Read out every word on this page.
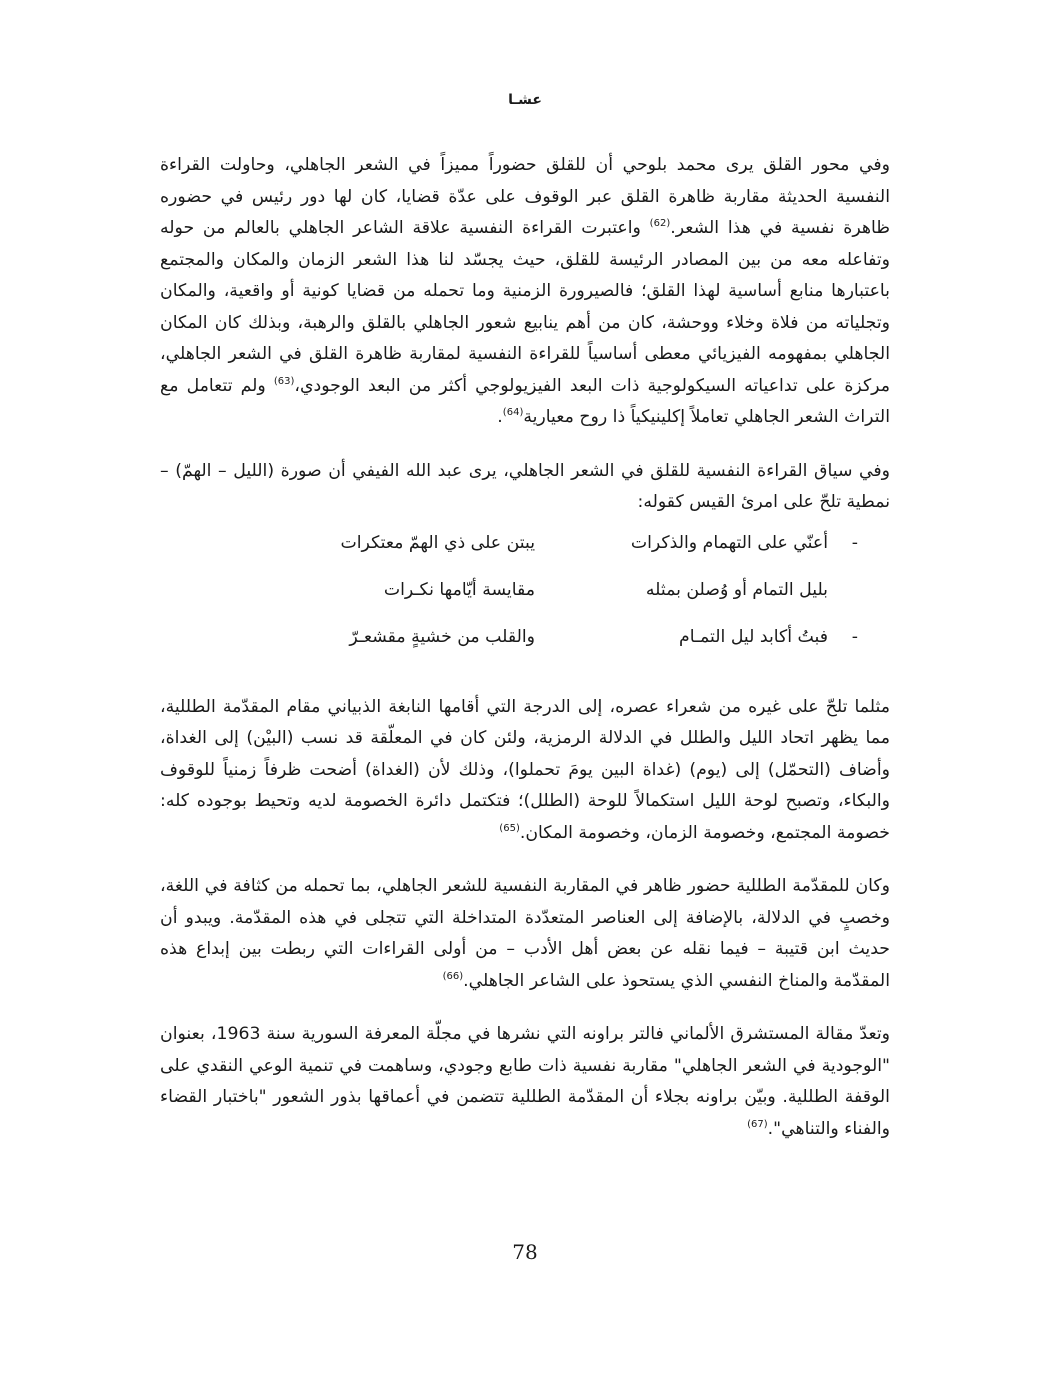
عشـا

وفي محور القلق يرى محمد بلوحي أن للقلق حضوراً مميزاً في الشعر الجاهلي، وحاولت القراءة النفسية الحديثة مقاربة ظاهرة القلق عبر الوقوف على عدّة قضايا، كان لها دور رئيس في حضوره ظاهرة نفسية في هذا الشعر.$^{(62)}$ واعتبرت القراءة النفسية علاقة الشاعر الجاهلي بالعالم من حوله وتفاعله معه من بين المصادر الرئيسة للقلق، حيث يجسّد لنا هذا الشعر الزمان والمكان والمجتمع باعتبارها منابع أساسية لهذا القلق؛ فالصيرورة الزمنية وما تحمله من قضايا كونية أو واقعية، والمكان وتجلياته من فلاة وخلاء ووحشة، كان من أهم ينابيع شعور الجاهلي بالقلق والرهبة، وبذلك كان المكان الجاهلي بمفهومه الفيزيائي معطى أساسياً للقراءة النفسية لمقاربة ظاهرة القلق في الشعر الجاهلي، مركزة على تداعياته السيكولوجية ذات البعد الفيزيولوجي أكثر من البعد الوجودي،$^{(63)}$ ولم تتعامل مع التراث الشعر الجاهلي تعاملاً إكلينيكياً ذا روح معيارية$^{(64)}$.

وفي سياق القراءة النفسية للقلق في الشعر الجاهلي، يرى عبد الله الفيفي أن صورة (الليل – الهمّ) – نمطية تلحّ على امرئ القيس كقوله:

-
أعنّي على التهمام والذكرات
يبتن على ذي الهمّ معتكرات
بليل التمام أو وُصلن بمثله
مقايسة أيّامها نكـرات
-
فبتُ أكابد ليل التمـام
والقلب من خشيةٍ مقشعـرّ

مثلما تلحّ على غيره من شعراء عصره، إلى الدرجة التي أقامها النابغة الذبياني مقام المقدّمة الطللية، مما يظهر اتحاد الليل والطلل في الدلالة الرمزية، ولئن كان في المعلّقة قد نسب (البيْن) إلى الغداة، وأضاف (التحمّل) إلى (يوم) (غداة البين يومَ تحملوا)، وذلك لأن (الغداة) أضحت ظرفاً زمنياً للوقوف والبكاء، وتصبح لوحة الليل استكمالاً للوحة (الطلل)؛ فتكتمل دائرة الخصومة لديه وتحيط بوجوده كله: خصومة المجتمع، وخصومة الزمان، وخصومة المكان.$^{(65)}$

وكان للمقدّمة الطللية حضور ظاهر في المقاربة النفسية للشعر الجاهلي، بما تحمله من كثافة في اللغة، وخصبٍ في الدلالة، بالإضافة إلى العناصر المتعدّدة المتداخلة التي تتجلى في هذه المقدّمة. ويبدو أن حديث ابن قتيبة – فيما نقله عن بعض أهل الأدب – من أولى القراءات التي ربطت بين إبداع هذه المقدّمة والمناخ النفسي الذي يستحوذ على الشاعر الجاهلي.$^{(66)}$

وتعدّ مقالة المستشرق الألماني فالتر براونه التي نشرها في مجلّة المعرفة السورية سنة 1963، بعنوان "الوجودية في الشعر الجاهلي" مقاربة نفسية ذات طابع وجودي، وساهمت في تنمية الوعي النقدي على الوقفة الطللية. وبيّن براونه بجلاء أن المقدّمة الطللية تتضمن في أعماقها بذور الشعور "باختبار القضاء والفناء والتناهي".$^{(67)}$

78
